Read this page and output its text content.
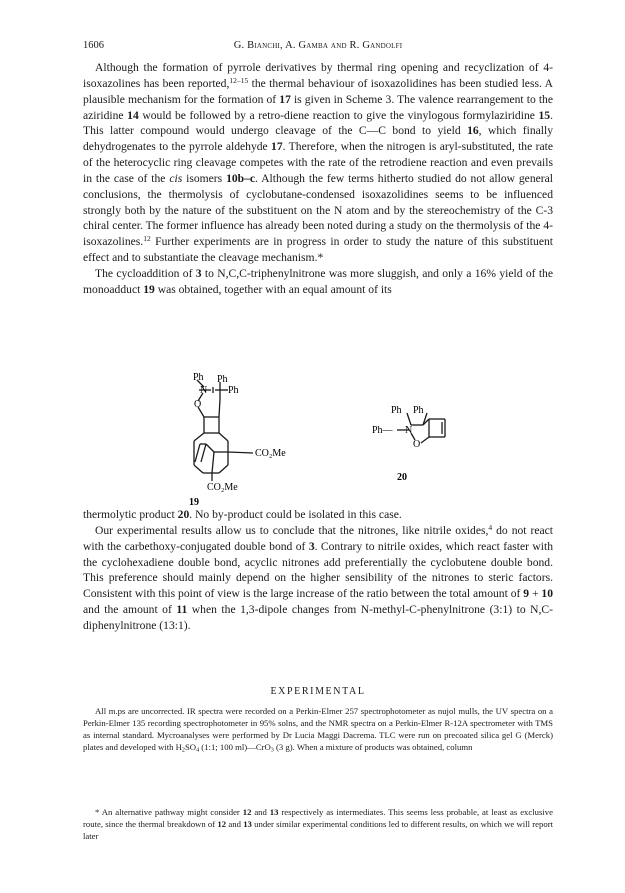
1606	G. Bianchi, A. Gamba and R. Gandolfi

Although the formation of pyrrole derivatives by thermal ring opening and recyclization of 4-isoxazolines has been reported,$^{12-15}$ the thermal behaviour of isoxazolidines has been studied less. A plausible mechanism for the formation of 17 is given in Scheme 3. The valence rearrangement to the aziridine 14 would be followed by a retro-diene reaction to give the vinylogous formylaziridine 15. This latter compound would undergo cleavage of the C—C bond to yield 16, which finally dehydrogenates to the pyrrole aldehyde 17. Therefore, when the nitrogen is aryl-substituted, the rate of the heterocyclic ring cleavage competes with the rate of the retrodiene reaction and even prevails in the case of the cis isomers 10b–c. Although the few terms hitherto studied do not allow general conclusions, the thermolysis of cyclobutane-condensed isoxazolidines seems to be influenced strongly both by the nature of the substituent on the N atom and by the stereochemistry of the C-3 chiral center. The former influence has already been noted during a study on the thermolysis of the 4-isoxazolines.$^{12}$ Further experiments are in progress in order to study the nature of this substituent effect and to substantiate the cleavage mechanism.*

The cycloaddition of 3 to N,C,C-triphenylnitrone was more sluggish, and only a 16% yield of the monoadduct 19 was obtained, together with an equal amount of its

Ph Ph
Ph
N
O
CO₂Me
CO₂Me
19
Ph Ph
Ph— N
O
20

thermolytic product 20. No by-product could be isolated in this case.

Our experimental results allow us to conclude that the nitrones, like nitrile oxides,$^4$ do not react with the carbethoxy-conjugated double bond of 3. Contrary to nitrile oxides, which react faster with the cyclohexadiene double bond, acyclic nitrones add preferentially the cyclobutene double bond. This preference should mainly depend on the higher sensibility of the nitrones to steric factors. Consistent with this point of view is the large increase of the ratio between the total amount of 9 + 10 and the amount of 11 when the 1,3-dipole changes from N-methyl-C-phenylnitrone (3:1) to N,C-diphenylnitrone (13:1).

EXPERIMENTAL

All m.ps are uncorrected. IR spectra were recorded on a Perkin-Elmer 257 spectrophotometer as nujol mulls, the UV spectra on a Perkin-Elmer 135 recording spectrophotometer in 95% solns, and the NMR spectra on a Perkin-Elmer R-12A spectrometer with TMS as internal standard. Mycroanalyses were performed by Dr Lucia Maggi Dacrema. TLC were run on precoated silica gel G (Merck) plates and developed with $H_2SO_4$ (1:1; 100 ml)—CrO$_3$ (3 g). When a mixture of products was obtained, column

* An alternative pathway might consider 12 and 13 respectively as intermediates. This seems less probable, at least as exclusive route, since the thermal breakdown of 12 and 13 under similar experimental conditions led to different results, on which we will report later
